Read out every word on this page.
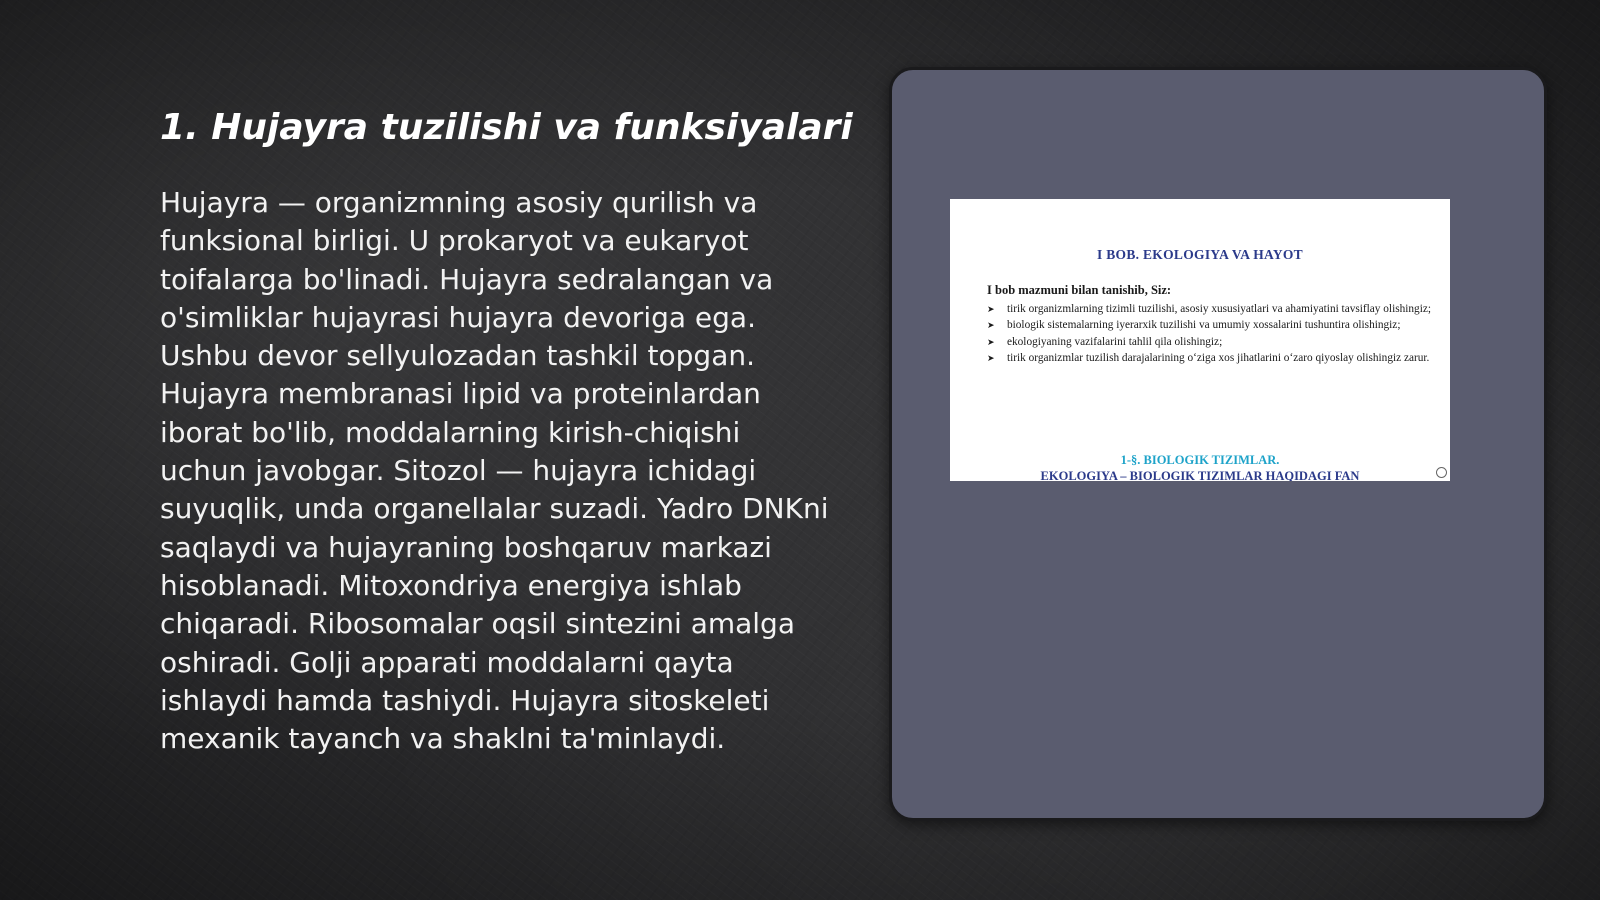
1. Hujayra tuzilishi va funksiyalari

Hujayra — organizmning asosiy qurilish va funksional birligi. U prokaryot va eukaryot toifalarga bo'linadi. Hujayra sedralangan va o'simliklar hujayrasi hujayra devoriga ega. Ushbu devor sellyulozadan tashkil topgan. Hujayra membranasi lipid va proteinlardan iborat bo'lib, moddalarning kirish-chiqishi uchun javobgar. Sitozol — hujayra ichidagi suyuqlik, unda organellalar suzadi. Yadro DNKni saqlaydi va hujayraning boshqaruv markazi hisoblanadi. Mitoxondriya energiya ishlab chiqaradi. Ribosomalar oqsil sintezini amalga oshiradi. Golji apparati moddalarni qayta ishlaydi hamda tashiydi. Hujayra sitoskeleti mexanik tayanch va shaklni ta'minlaydi.

I BOB. EKOLOGIYA VA HAYOT
I bob mazmuni bilan tanishib, Siz:
➤ tirik organizmlarning tizimli tuzilishi, asosiy xususiyatlari va ahamiyatini tavsiflay olishingiz;
➤ biologik sistemalarning iyerarxik tuzilishi va umumiy xossalarini tushuntira olishingiz;
➤ ekologiyaning vazifalarini tahlil qila olishingiz;
➤ tirik organizmlar tuzilish darajalarining o‘ziga xos jihatlarini o‘zaro qiyoslay olishingiz zarur.
1-§. BIOLOGIK TIZIMLAR.
EKOLOGIYA – BIOLOGIK TIZIMLAR HAQIDAGI FAN
